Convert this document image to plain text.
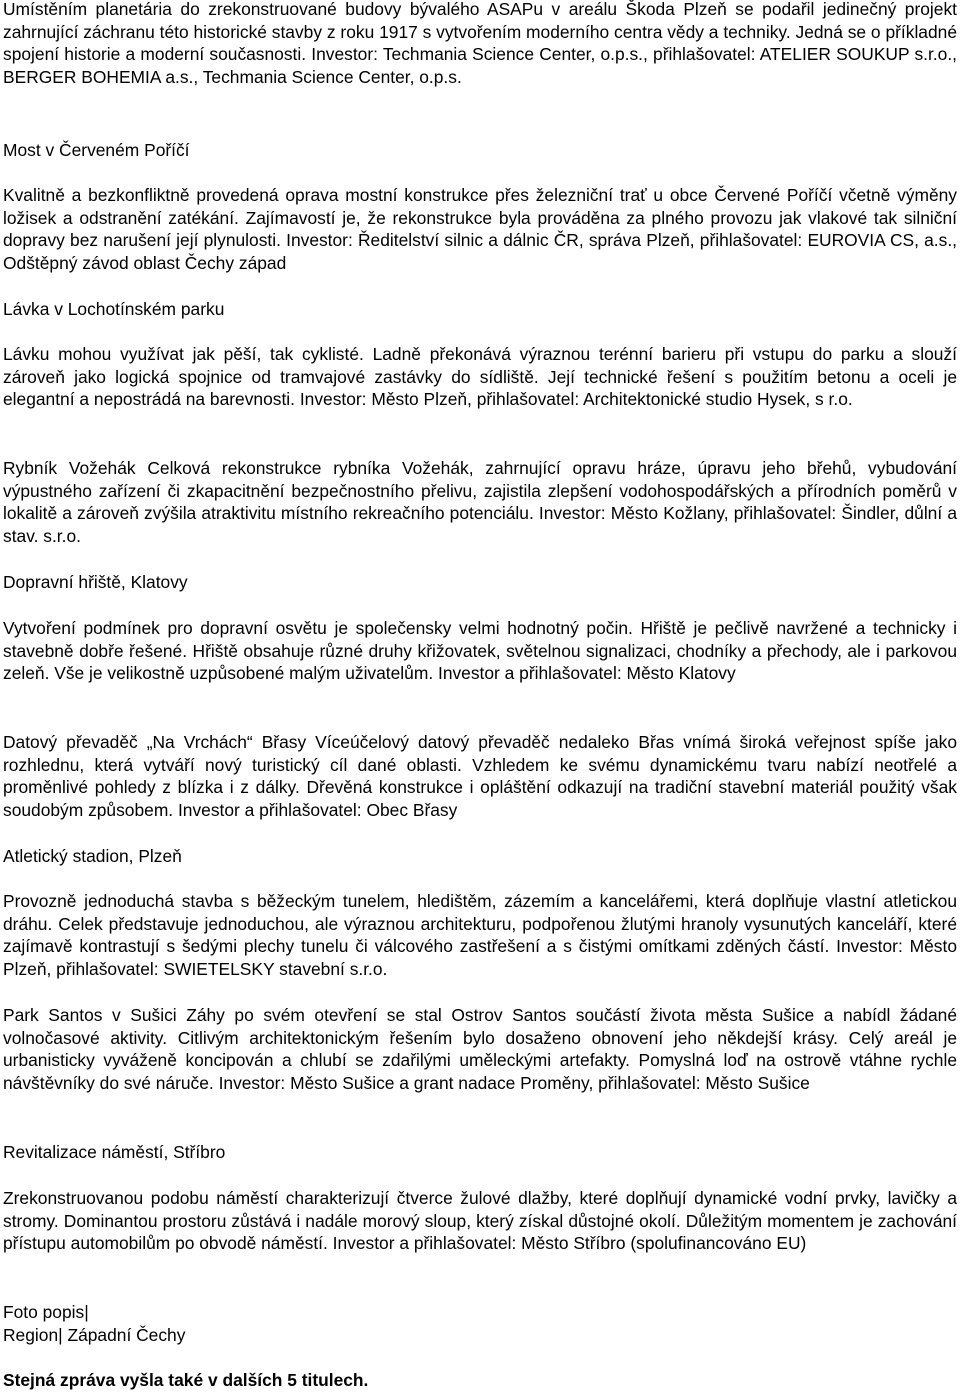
Umístěním planetária do zrekonstruované budovy bývalého ASAPu v areálu Škoda Plzeň se podařil jedinečný projekt zahrnující záchranu této historické stavby z roku 1917 s vytvořením moderního centra vědy a techniky. Jedná se o příkladné spojení historie a moderní současnosti. Investor: Techmania Science Center, o.p.s., přihlašovatel: ATELIER SOUKUP s.r.o., BERGER BOHEMIA a.s., Techmania Science Center, o.p.s.

Most v Červeném Poříčí

Kvalitně a bezkonfliktně provedená oprava mostní konstrukce přes železniční trať u obce Červené Poříčí včetně výměny ložisek a odstranění zatékání. Zajímavostí je, že rekonstrukce byla prováděna za plného provozu jak vlakové tak silniční dopravy bez narušení její plynulosti. Investor: Ředitelství silnic a dálnic ČR, správa Plzeň, přihlašovatel: EUROVIA CS, a.s., Odštěpný závod oblast Čechy západ

Lávka v Lochotínském parku

Lávku mohou využívat jak pěší, tak cyklisté. Ladně překonává výraznou terénní barieru při vstupu do parku a slouží zároveň jako logická spojnice od tramvajové zastávky do sídliště. Její technické řešení s použitím betonu a oceli je elegantní a nepostrádá na barevnosti. Investor: Město Plzeň, přihlašovatel: Architektonické studio Hysek, s r.o.

Rybník Vožehák Celková rekonstrukce rybníka Vožehák, zahrnující opravu hráze, úpravu jeho břehů, vybudování výpustného zařízení či zkapacitnění bezpečnostního přelivu, zajistila zlepšení vodohospodářských a přírodních poměrů v lokalitě a zároveň zvýšila atraktivitu místního rekreačního potenciálu. Investor: Město Kožlany, přihlašovatel: Šindler, důlní a stav. s.r.o.

Dopravní hřiště, Klatovy

Vytvoření podmínek pro dopravní osvětu je společensky velmi hodnotný počin. Hřiště je pečlivě navržené a technicky i stavebně dobře řešené. Hřiště obsahuje různé druhy křižovatek, světelnou signalizaci, chodníky a přechody, ale i parkovou zeleň. Vše je velikostně uzpůsobené malým uživatelům. Investor a přihlašovatel: Město Klatovy

Datový převaděč „Na Vrchách“ Břasy Víceúčelový datový převaděč nedaleko Břas vnímá široká veřejnost spíše jako rozhlednu, která vytváří nový turistický cíl dané oblasti. Vzhledem ke svému dynamickému tvaru nabízí neotřelé a proměnlivé pohledy z blízka i z dálky. Dřevěná konstrukce i opláštění odkazují na tradiční stavební materiál použitý však soudobým způsobem. Investor a přihlašovatel: Obec Břasy

Atletický stadion, Plzeň

Provozně jednoduchá stavba s běžeckým tunelem, hledištěm, zázemím a kancelářemi, která doplňuje vlastní atletickou dráhu. Celek představuje jednoduchou, ale výraznou architekturu, podpořenou žlutými hranoly vysunutých kanceláří, které zajímavě kontrastují s šedými plechy tunelu či válcového zastřešení a s čistými omítkami zděných částí. Investor: Město Plzeň, přihlašovatel: SWIETELSKY stavební s.r.o.

Park Santos v Sušici Záhy po svém otevření se stal Ostrov Santos součástí života města Sušice a nabídl žádané volnočasové aktivity. Citlivým architektonickým řešením bylo dosaženo obnovení jeho někdejší krásy. Celý areál je urbanisticky vyváženě koncipován a chlubí se zdařilými uměleckými artefakty. Pomyslná loď na ostrově vtáhne rychle návštěvníky do své náruče. Investor: Město Sušice a grant nadace Proměny, přihlašovatel: Město Sušice

Revitalizace náměstí, Stříbro

Zrekonstruovanou podobu náměstí charakterizují čtverce žulové dlažby, které doplňují dynamické vodní prvky, lavičky a stromy. Dominantou prostoru zůstává i nadále morový sloup, který získal důstojné okolí. Důležitým momentem je zachování přístupu automobilům po obvodě náměstí. Investor a přihlašovatel: Město Stříbro (spolufinancováno EU)

Foto popis|

Region| Západní Čechy

Stejná zpráva vyšla také v dalších 5 titulech.
